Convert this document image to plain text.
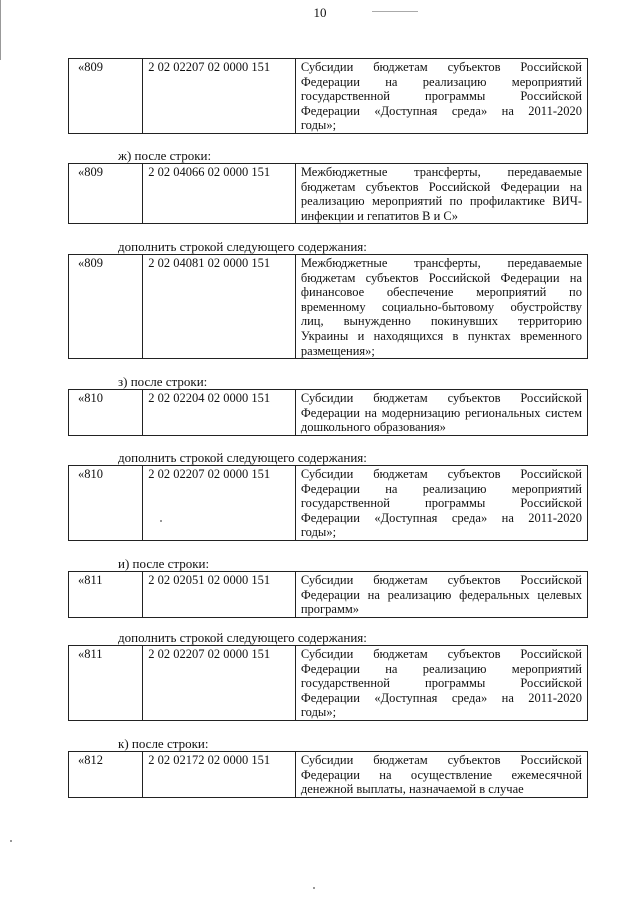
10
«809	2 02 02207 02 0000 151	Субсидии бюджетам субъектов Российской
Федерации на реализацию мероприятий
государственной программы Российской
Федерации «Доступная среда» на 2011-2020
годы»;
ж) после строки:
«809	2 02 04066 02 0000 151	Межбюджетные трансферты, передаваемые
бюджетам субъектов Российской Федерации на
реализацию мероприятий по профилактике ВИЧ-
инфекции и гепатитов В и С»
дополнить строкой следующего содержания:
«809	2 02 04081 02 0000 151	Межбюджетные трансферты, передаваемые
бюджетам субъектов Российской Федерации на
финансовое обеспечение мероприятий по
временному социально-бытовому обустройству
лиц, вынужденно покинувших территорию
Украины и находящихся в пунктах временного
размещения»;
з) после строки:
«810	2 02 02204 02 0000 151	Субсидии бюджетам субъектов Российской
Федерации на модернизацию региональных систем
дошкольного образования»
дополнить строкой следующего содержания:
«810	2 02 02207 02 0000 151	Субсидии бюджетам субъектов Российской
Федерации на реализацию мероприятий
государственной программы Российской
Федерации «Доступная среда» на 2011-2020
годы»;
и) после строки:
«811	2 02 02051 02 0000 151	Субсидии бюджетам субъектов Российской
Федерации на реализацию федеральных целевых
программ»
дополнить строкой следующего содержания:
«811	2 02 02207 02 0000 151	Субсидии бюджетам субъектов Российской
Федерации на реализацию мероприятий
государственной программы Российской
Федерации «Доступная среда» на 2011-2020
годы»;
к) после строки:
«812	2 02 02172 02 0000 151	Субсидии бюджетам субъектов Российской
Федерации на осуществление ежемесячной
денежной выплаты, назначаемой в случае
